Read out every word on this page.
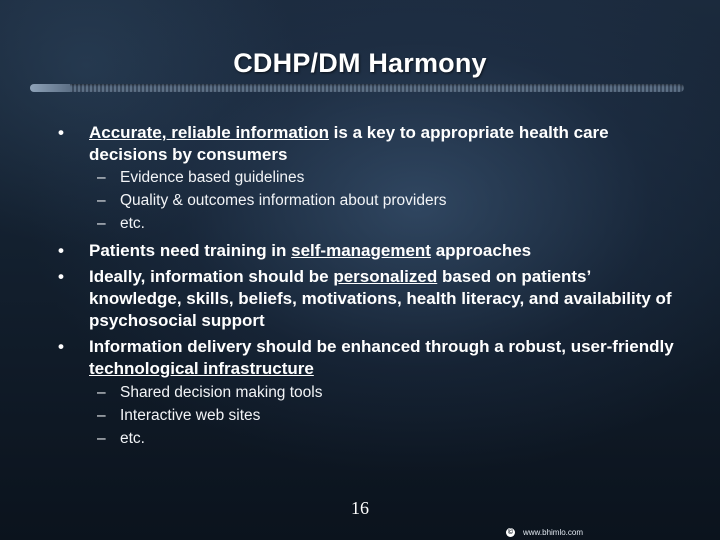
CDHP/DM Harmony
•	Accurate, reliable information is a key to appropriate health care decisions by consumers
– Evidence based guidelines
– Quality & outcomes information about providers
– etc.
•	Patients need training in self-management approaches
•	Ideally, information should be personalized based on patients’ knowledge, skills, beliefs, motivations, health literacy, and availability of psychosocial support
•	Information delivery should be enhanced through a robust, user-friendly technological infrastructure
– Shared decision making tools
– Interactive web sites
– etc.
16
© www.bhimlo.com
